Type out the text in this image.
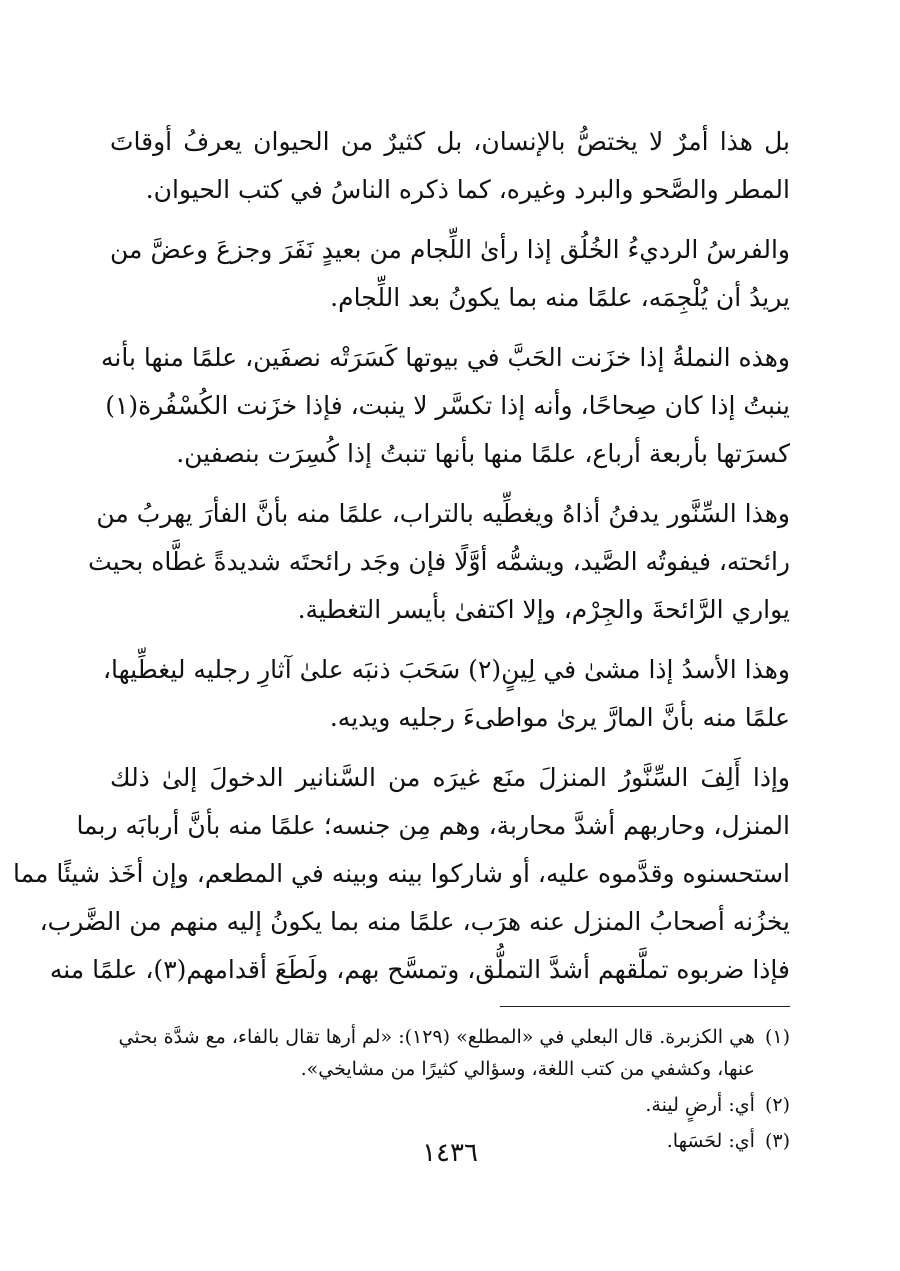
بل هذا أمرٌ لا يختصُّ بالإنسان، بل كثيرٌ من الحيوان يعرفُ أوقاتَ
المطر والصَّحو والبرد وغيره، كما ذكره الناسُ في كتب الحيوان.

والفرسُ الرديءُ الخُلُق إذا رأىٰ اللِّجام من بعيدٍ نَفَرَ وجزعَ وعضَّ من
يريدُ أن يُلْجِمَه، علمًا منه بما يكونُ بعد اللِّجام.

وهذه النملةُ إذا خزَنت الحَبَّ في بيوتها كَسَرَتْه نصفَين، علمًا منها بأنه
ينبتُ إذا كان صِحاحًا، وأنه إذا تكسَّر لا ينبت، فإذا خزَنت الكُسْفُرة(١)
كسرَتها بأربعة أرباع، علمًا منها بأنها تنبتُ إذا كُسِرَت بنصفين.

وهذا السِّنَّور يدفنُ أذاهُ ويغطِّيه بالتراب، علمًا منه بأنَّ الفأرَ يهربُ من
رائحته، فيفوتُه الصَّيد، ويشمُّه أوَّلًا فإن وجَد رائحتَه شديدةً غطَّاه بحيث
يواري الرَّائحةَ والجِرْم، وإلا اكتفىٰ بأيسر التغطية.

وهذا الأسدُ إذا مشىٰ في لِينٍ(٢) سَحَبَ ذنبَه علىٰ آثارِ رجليه ليغطِّيها،
علمًا منه بأنَّ المارَّ يرىٰ مواطىءَ رجليه ويديه.

وإذا أَلِفَ السِّنَّورُ المنزلَ منَع غيرَه من السَّنانير الدخولَ إلىٰ ذلك
المنزل، وحاربهم أشدَّ محاربة، وهم مِن جنسه؛ علمًا منه بأنَّ أربابَه ربما
استحسنوه وقدَّموه عليه، أو شاركوا بينه وبينه في المطعم، وإن أخَذ شيئًا مما
يخزُنه أصحابُ المنزل عنه هرَب، علمًا منه بما يكونُ إليه منهم من الضَّرب،
فإذا ضربوه تملَّقهم أشدَّ التملُّق، وتمسَّح بهم، ولَطَعَ أقدامهم(٣)، علمًا منه

(١)
هي الكزبرة. قال البعلي في «المطلع» (١٢٩): «لم أرها تقال بالفاء، مع شدَّة بحثي
عنها، وكشفي من كتب اللغة، وسؤالي كثيرًا من مشايخي».
(٢)
أي: أرضٍ لينة.
(٣)
أي: لحَسَها.
١٤٣٦
